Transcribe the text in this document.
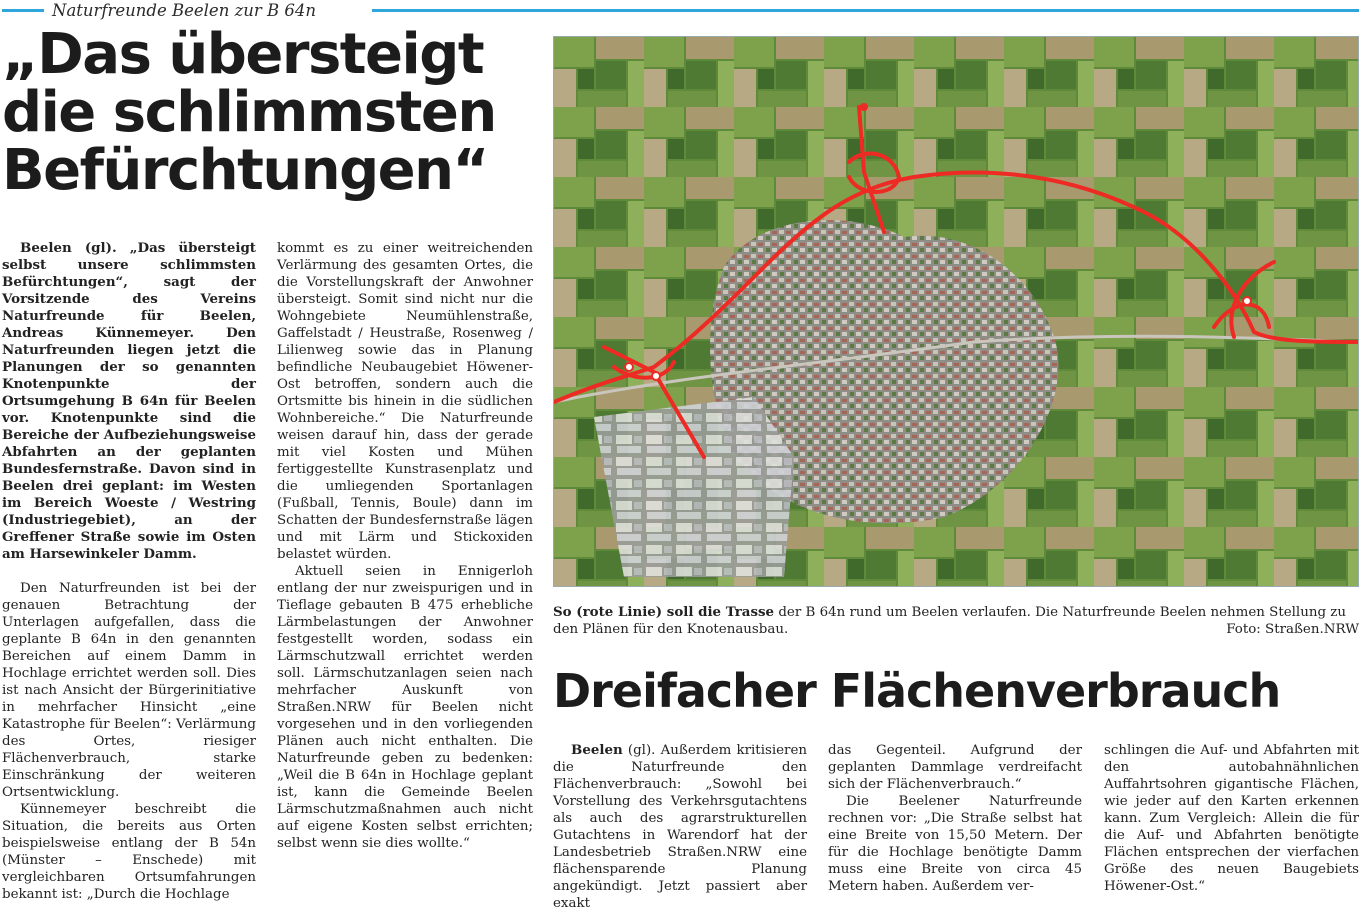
Naturfreunde Beelen zur B 64n
„Das übersteigt
die schlimmsten
Befürchtungen“

Beelen (gl). „Das übersteigt selbst unsere schlimmsten Befürchtungen“, sagt der Vorsitzende des Vereins Naturfreunde für Beelen, Andreas Künnemeyer. Den Naturfreunden liegen jetzt die Planungen der so genannten Knotenpunkte der Ortsumgehung B 64n für Beelen vor. Knotenpunkte sind die Bereiche der Aufbeziehungsweise Abfahrten an der geplanten Bundesfernstraße. Davon sind in Beelen drei geplant: im Westen im Bereich Woeste / Westring (Industriegebiet), an der Greffener Straße sowie im Osten am Harsewinkeler Damm.

Den Naturfreunden ist bei der genauen Betrachtung der Unterlagen aufgefallen, dass die geplante B 64n in den genannten Bereichen auf einem Damm in Hochlage errichtet werden soll. Dies ist nach Ansicht der Bürgerinitiative in mehrfacher Hinsicht „eine Katastrophe für Beelen“: Verlärmung des Ortes, riesiger Flächenverbrauch, starke Einschränkung der weiteren Ortsentwicklung.

Künnemeyer beschreibt die Situation, die bereits aus Orten beispielsweise entlang der B 54n (Münster – Enschede) mit vergleichbaren Ortsumfahrungen bekannt ist: „Durch die Hochlage

kommt es zu einer weitreichenden Verlärmung des gesamten Ortes, die die Vorstellungskraft der Anwohner übersteigt. Somit sind nicht nur die Wohngebiete Neumühlenstraße, Gaffelstadt / Heustraße, Rosenweg / Lilienweg sowie das in Planung befindliche Neubaugebiet Höwener-Ost betroffen, sondern auch die Ortsmitte bis hinein in die südlichen Wohnbereiche.“ Die Naturfreunde weisen darauf hin, dass der gerade mit viel Kosten und Mühen fertiggestellte Kunstrasenplatz und die umliegenden Sportanlagen (Fußball, Tennis, Boule) dann im Schatten der Bundesfernstraße lägen und mit Lärm und Stickoxiden belastet würden.

Aktuell seien in Ennigerloh entlang der nur zweispurigen und in Tieflage gebauten B 475 erhebliche Lärmbelastungen der Anwohner festgestellt worden, sodass ein Lärmschutzwall errichtet werden soll. Lärmschutzanlagen seien nach mehrfacher Auskunft von Straßen.NRW für Beelen nicht vorgesehen und in den vorliegenden Plänen auch nicht enthalten. Die Naturfreunde geben zu bedenken: „Weil die B 64n in Hochlage geplant ist, kann die Gemeinde Beelen Lärmschutzmaßnahmen auch nicht auf eigene Kosten selbst errichten; selbst wenn sie dies wollte.“

So (rote Linie) soll die Trasse der B 64n rund um Beelen verlaufen. Die Naturfreunde Beelen nehmen Stellung zu den Plänen für den Knotenausbau.	Foto: Straßen.NRW
Dreifacher Flächenverbrauch

Beelen (gl). Außerdem kritisieren die Naturfreunde den Flächenverbrauch: „Sowohl bei Vorstellung des Verkehrsgutachtens als auch des agrarstrukturellen Gutachtens in Warendorf hat der Landesbetrieb Straßen.NRW eine flächensparende Planung angekündigt. Jetzt passiert aber exakt

das Gegenteil. Aufgrund der geplanten Dammlage verdreifacht sich der Flächenverbrauch.“

Die Beelener Naturfreunde rechnen vor: „Die Straße selbst hat eine Breite von 15,50 Metern. Der für die Hochlage benötigte Damm muss eine Breite von circa 45 Metern haben. Außerdem ver-

schlingen die Auf- und Abfahrten mit den autobahnähnlichen Auffahrtsohren gigantische Flächen, wie jeder auf den Karten erkennen kann. Zum Vergleich: Allein die für die Auf- und Abfahrten benötigte Flächen entsprechen der vierfachen Größe des neuen Baugebiets Höwener-Ost.“
